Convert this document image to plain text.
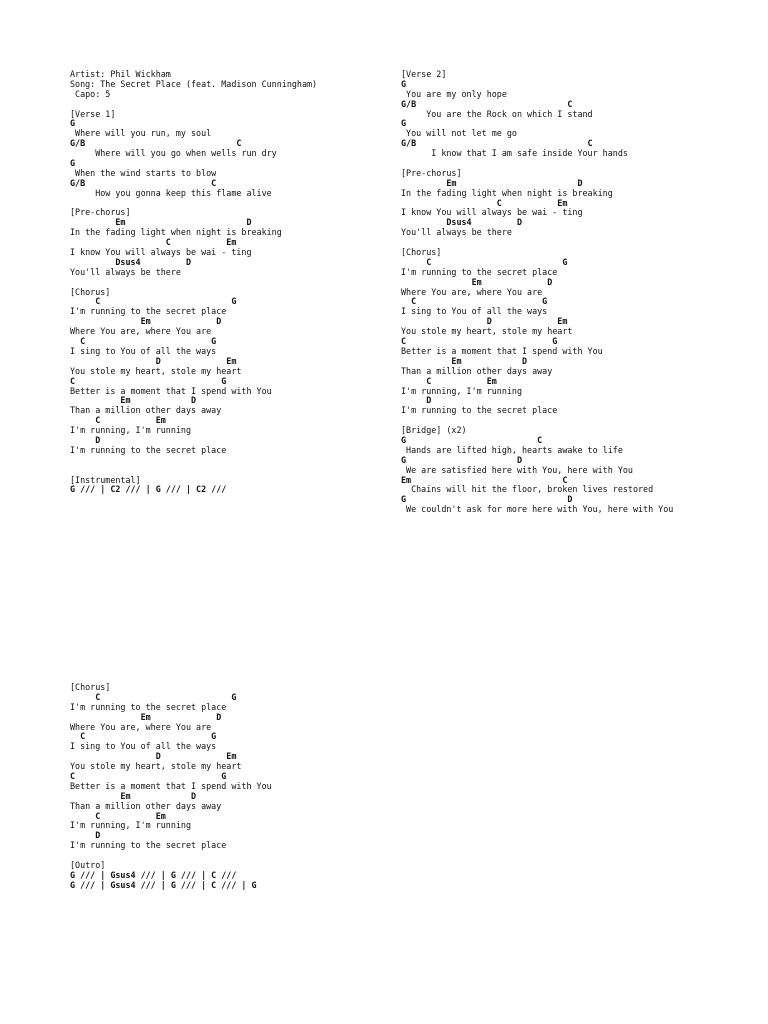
Artist: Phil Wickham
Song: The Secret Place (feat. Madison Cunningham)
Capo: 5
[Verse 1]
G
Where will you run, my soul
G/B                              C
Where will you go when wells run dry
G
When the wind starts to blow
G/B                         C
How you gonna keep this flame alive
[Pre-chorus]
Em                        D
In the fading light when night is breaking
C           Em
I know You will always be wai - ting
Dsus4         D
You'll always be there
[Chorus]
C                          G
I'm running to the secret place
Em             D
Where You are, where You are
C                         G
I sing to You of all the ways
D             Em
You stole my heart, stole my heart
C                             G
Better is a moment that I spend with You
Em            D
Than a million other days away
C           Em
I'm running, I'm running
D
I'm running to the secret place
[Instrumental]
G /// | C2 /// | G /// | C2 ///
[Verse 2]
G
You are my only hope
G/B                              C
You are the Rock on which I stand
G
You will not let me go
G/B                                  C
I know that I am safe inside Your hands
[Pre-chorus]
Em                        D
In the fading light when night is breaking
C           Em
I know You will always be wai - ting
Dsus4         D
You'll always be there
[Chorus]
C                          G
I'm running to the secret place
Em             D
Where You are, where You are
C                         G
I sing to You of all the ways
D             Em
You stole my heart, stole my heart
C                             G
Better is a moment that I spend with You
Em            D
Than a million other days away
C           Em
I'm running, I'm running
D
I'm running to the secret place
[Bridge] (x2)
G                          C
Hands are lifted high, hearts awake to life
G                      D
We are satisfied here with You, here with You
Em                              C
Chains will hit the floor, broken lives restored
G                                D
We couldn't ask for more here with You, here with You
[Chorus]
C                          G
I'm running to the secret place
Em             D
Where You are, where You are
C                         G
I sing to You of all the ways
D             Em
You stole my heart, stole my heart
C                             G
Better is a moment that I spend with You
Em            D
Than a million other days away
C           Em
I'm running, I'm running
D
I'm running to the secret place
[Outro]
G /// | Gsus4 /// | G /// | C ///
G /// | Gsus4 /// | G /// | C /// | G
